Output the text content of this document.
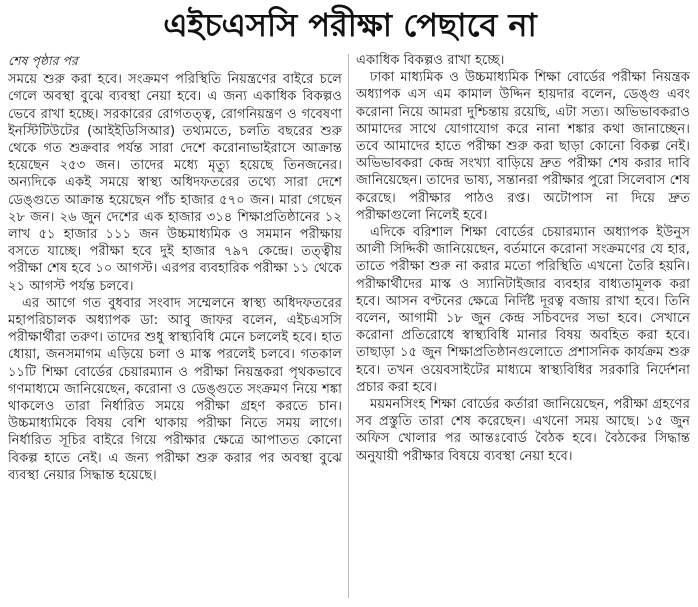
এইচএসসি পরীক্ষা পেছাবে না
শেষ পৃষ্ঠার পর

সময়ে শুরু করা হবে। সংক্রমণ পরিস্থিতি নিয়ন্ত্রণের বাইরে চলে গেলে অবস্থা বুঝে ব্যবস্থা নেয়া হবে। এ জন্য একাধিক বিকল্পও ভেবে রাখা হচ্ছে। সরকারের রোগতত্ত্ব, রোগনিয়ন্ত্রণ ও গবেষণা ইনস্টিটিউটের (আইইডিসিআর) তথ্যমতে, চলতি বছরের শুরু থেকে গত শুক্রবার পর্যন্ত সারা দেশে করোনাভাইরাসে আক্রান্ত হয়েছেন ২৫৩ জন। তাদের মধ্যে মৃত্যু হয়েছে তিনজনের। অন্যদিকে একই সময়ে স্বাস্থ্য অধিদফতরের তথ্যে সারা দেশে ডেঙ্গুতে আক্রান্ত হয়েছেন পাঁচ হাজার ৫৭০ জন। মারা গেছেন ২৮ জন। ২৬ জুন দেশের এক হাজার ৩১৪ শিক্ষাপ্রতিষ্ঠানের ১২ লাখ ৫১ হাজার ১১১ জন উচ্চমাধ্যমিক ও সমমান পরীক্ষায় বসতে যাচ্ছে। পরীক্ষা হবে দুই হাজার ৭৯৭ কেন্দ্রে। তত্ত্বীয় পরীক্ষা শেষ হবে ১০ আগস্ট। এরপর ব্যবহারিক পরীক্ষা ১১ থেকে ২১ আগস্ট পর্যন্ত চলবে।

এর আগে গত বুধবার সংবাদ সম্মেলনে স্বাস্থ্য অধিদফতরের মহাপরিচালক অধ্যাপক ডা: আবু জাফর বলেন, এইচএসসি পরীক্ষার্থীরা তরুণ। তাদের শুধু স্বাস্থ্যবিধি মেনে চললেই হবে। হাত ধোয়া, জনসমাগম এড়িয়ে চলা ও মাস্ক পরলেই চলবে। গতকাল ১১টি শিক্ষা বোর্ডের চেয়ারম্যান ও পরীক্ষা নিয়ন্ত্রকরা পৃথকভাবে গণমাধ্যমে জানিয়েছেন, করোনা ও ডেঙ্গুতে সংক্রমণ নিয়ে শঙ্কা থাকলেও তারা নির্ধারিত সময়ে পরীক্ষা গ্রহণ করতে চান। উচ্চমাধ্যমিকে বিষয় বেশি থাকায় পরীক্ষা নিতে সময় লাগে। নির্ধারিত সূচির বাইরে গিয়ে পরীক্ষার ক্ষেত্রে আপাতত কোনো বিকল্প হাতে নেই। এ জন্য পরীক্ষা শুরু করার পর অবস্থা বুঝে ব্যবস্থা নেয়ার সিদ্ধান্ত হয়েছে।

একাধিক বিকল্পও রাখা হচ্ছে।

ঢাকা মাধ্যমিক ও উচ্চমাধ্যমিক শিক্ষা বোর্ডের পরীক্ষা নিয়ন্ত্রক অধ্যাপক এস এম কামাল উদ্দিন হায়দার বলেন, ডেঙ্গু এবং করোনা নিয়ে আমরা দুশ্চিন্তায় রয়েছি, এটা সত্য। অভিভাবকরাও আমাদের সাথে যোগাযোগ করে নানা শঙ্কার কথা জানাচ্ছেন। তবে আমাদের হাতে পরীক্ষা শুরু করা ছাড়া কোনো বিকল্প নেই। অভিভাবকরা কেন্দ্র সংখ্যা বাড়িয়ে দ্রুত পরীক্ষা শেষ করার দাবি জানিয়েছেন। তাদের ভাষ্য, সন্তানরা পরীক্ষার পুরো সিলেবাস শেষ করেছে। পরীক্ষার পাঠও রপ্ত। অটোপাস না দিয়ে দ্রুত পরীক্ষাগুলো নিলেই হবে।

এদিকে বরিশাল শিক্ষা বোর্ডের চেয়ারম্যান অধ্যাপক ইউনুস আলী সিদ্দিকী জানিয়েছেন, বর্তমানে করোনা সংক্রমণের যে হার, তাতে পরীক্ষা শুরু না করার মতো পরিস্থিতি এখনো তৈরি হয়নি। পরীক্ষার্থীদের মাস্ক ও স্যানিটাইজার ব্যবহার বাধ্যতামূলক করা হবে। আসন বণ্টনের ক্ষেত্রে নির্দিষ্ট দূরত্ব বজায় রাখা হবে। তিনি বলেন, আগামী ১৮ জুন কেন্দ্র সচিবদের সভা হবে। সেখানে করোনা প্রতিরোধে স্বাস্থ্যবিধি মানার বিষয় অবহিত করা হবে। তাছাড়া ১৫ জুন শিক্ষাপ্রতিষ্ঠানগুলোতে প্রশাসনিক কার্যক্রম শুরু হবে। তখন ওয়েবসাইটের মাধ্যমে স্বাস্থ্যবিধির সরকারি নির্দেশনা প্রচার করা হবে।

ময়মনসিংহ শিক্ষা বোর্ডের কর্তারা জানিয়েছেন, পরীক্ষা গ্রহণের সব প্রস্তুতি তারা শেষ করেছেন। এখনো সময় আছে। ১৫ জুন অফিস খোলার পর আন্তঃবোর্ড বৈঠক হবে। বৈঠকের সিদ্ধান্ত অনুযায়ী পরীক্ষার বিষয়ে ব্যবস্থা নেয়া হবে।
